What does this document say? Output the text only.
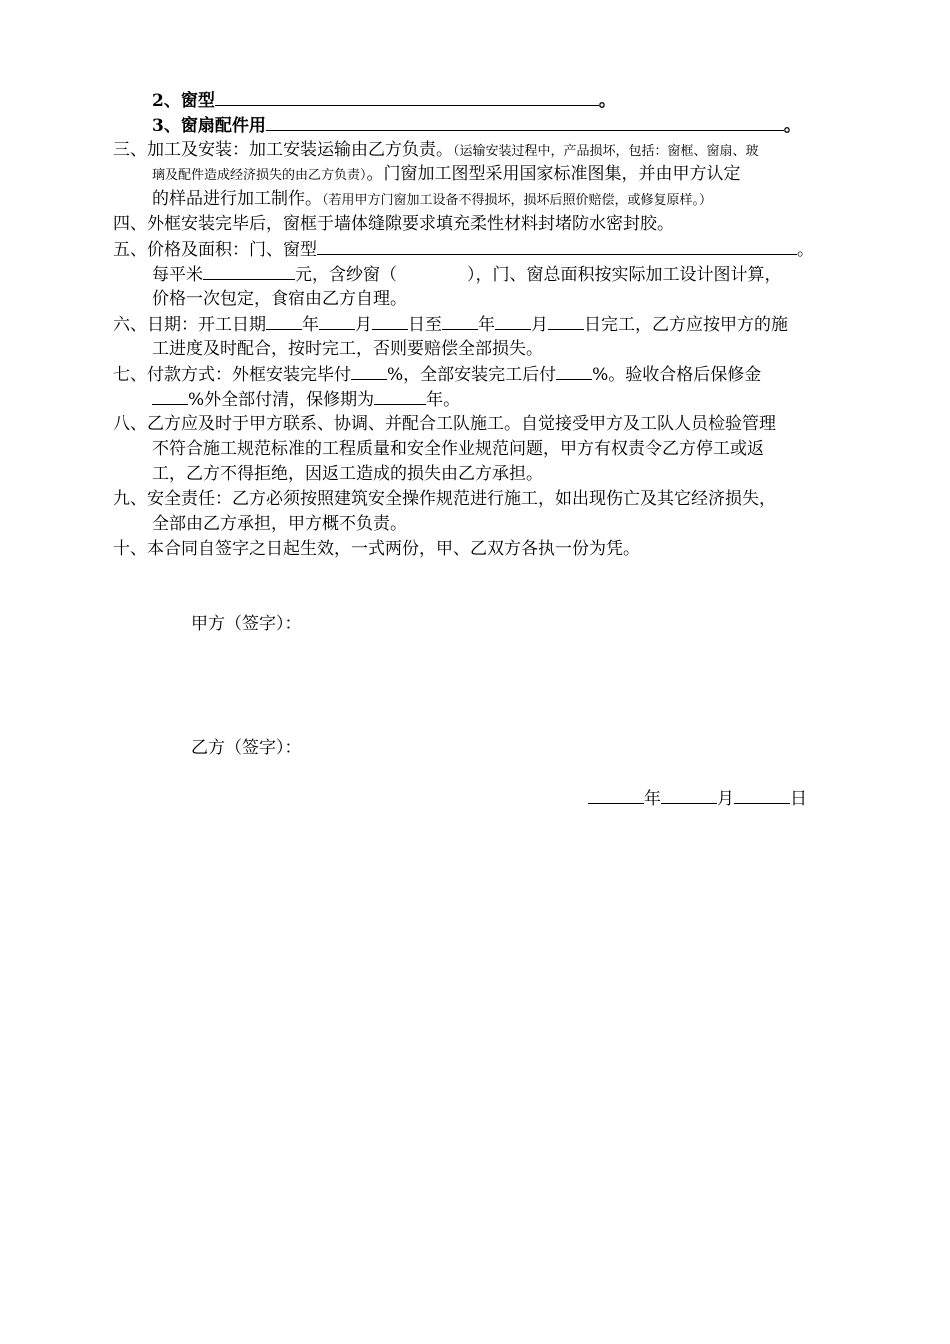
2、窗型	。
3、窗扇配件用	。
三、加工及安装：加工安装运输由乙方负责。（运输安装过程中，产品损坏，包括：窗框、窗扇、玻
璃及配件造成经济损失的由乙方负责）。门窗加工图型采用国家标准图集，并由甲方认定
的样品进行加工制作。（若用甲方门窗加工设备不得损坏，损坏后照价赔偿，或修复原样。）
四、外框安装完毕后，窗框于墙体缝隙要求填充柔性材料封堵防水密封胶。
五、价格及面积：门、窗型	。
每平米	元，含纱窗（	），门、窗总面积按实际加工设计图计算，
价格一次包定，食宿由乙方自理。
六、日期：开工日期 年 月 日至 年 月 日完工，乙方应按甲方的施
工进度及时配合，按时完工，否则要赔偿全部损失。
七、付款方式：外框安装完毕付 %，全部安装完工后付 %。验收合格后保修金
%外全部付清，保修期为	年。
八、乙方应及时于甲方联系、协调、并配合工队施工。自觉接受甲方及工队人员检验管理
不符合施工规范标准的工程质量和安全作业规范问题，甲方有权责令乙方停工或返
工，乙方不得拒绝，因返工造成的损失由乙方承担。
九、安全责任：乙方必须按照建筑安全操作规范进行施工，如出现伤亡及其它经济损失，
全部由乙方承担，甲方概不负责。
十、本合同自签字之日起生效，一式两份，甲、乙双方各执一份为凭。
甲方（签字）：
乙方（签字）：
年	月	日
